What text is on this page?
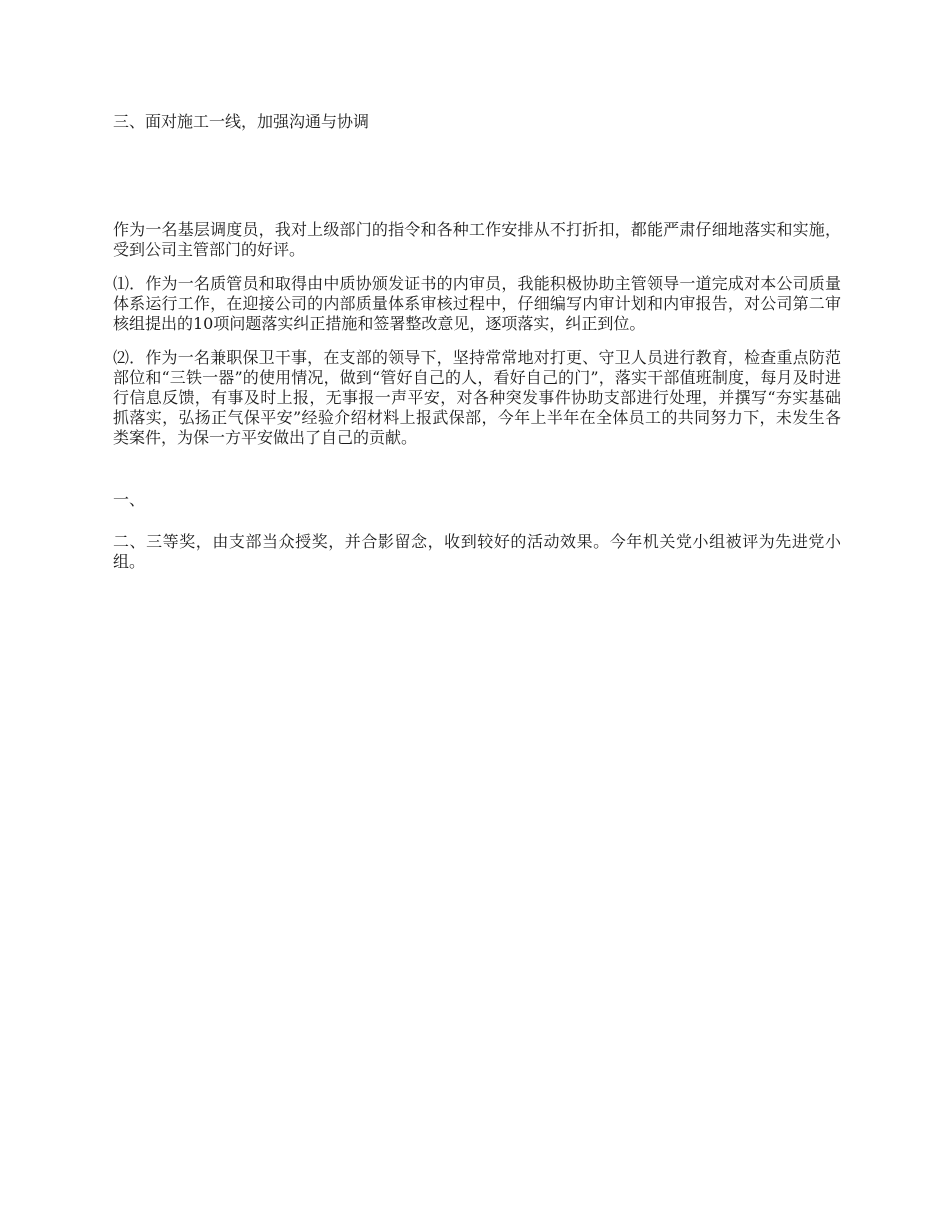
三、面对施工一线，加强沟通与协调

作为一名基层调度员，我对上级部门的指令和各种工作安排从不打折扣，都能严肃仔细地落实和实施，受到公司主管部门的好评。

⑴．作为一名质管员和取得由中质协颁发证书的内审员，我能积极协助主管领导一道完成对本公司质量体系运行工作，在迎接公司的内部质量体系审核过程中，仔细编写内审计划和内审报告，对公司第二审核组提出的10项问题落实纠正措施和签署整改意见，逐项落实，纠正到位。

⑵．作为一名兼职保卫干事，在支部的领导下，坚持常常地对打更、守卫人员进行教育，检查重点防范部位和“三铁一器”的使用情况，做到“管好自己的人，看好自己的门”，落实干部值班制度，每月及时进行信息反馈，有事及时上报，无事报一声平安，对各种突发事件协助支部进行处理，并撰写“夯实基础抓落实，弘扬正气保平安”经验介绍材料上报武保部，今年上半年在全体员工的共同努力下，未发生各类案件，为保一方平安做出了自己的贡献。

一、

二、三等奖，由支部当众授奖，并合影留念，收到较好的活动效果。今年机关党小组被评为先进党小组。
